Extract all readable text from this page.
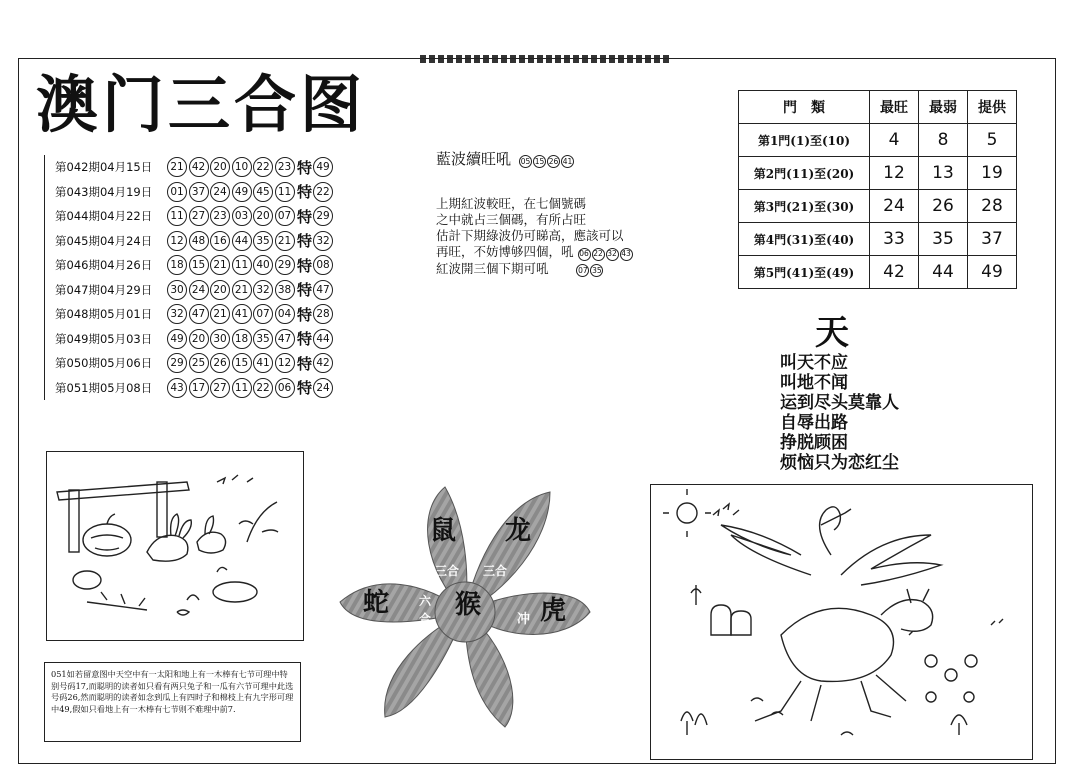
澳门三合图
第042期04月15日	21 42 20 10 22 23 特 49
第043期04月19日	01 37 24 49 45 11 特 22
第044期04月22日	11 27 23 03 20 07 特 29
第045期04月24日	12 48 16 44 35 21 特 32
第046期04月26日	18 15 21 11 40 29 特 08
第047期04月29日	30 24 20 21 32 38 特 47
第048期05月01日	32 47 21 41 07 04 特 28
第049期05月03日	49 20 30 18 35 47 特 44
第050期05月06日	29 25 26 15 41 12 特 42
第051期05月08日	43 17 27 11 22 06 特 24
藍波續旺吼 05 15 26 41
上期紅波較旺，在七個號碼
之中就占三個碼，有所占旺
估計下期綠波仍可睇高，應該可以
再旺，不妨博够四個，吼
06 22 32 43
紅波開三個下期可吼
	07 35
門　類	最旺	最弱	提供
第1門(1)至(10)	4	8	5
第2門(11)至(20)	12	13	19
第3門(21)至(30)	24	26	28
第4門(31)至(40)	33	35	37
第5門(41)至(49)	42	44	49
天
叫天不应
叫地不闻
运到尽头莫靠人
自辱出路
挣脱顾困
烦恼只为恋红尘
鼠 龙
蛇	猴 虎
三合 三合
六
合	冲
051如若留意图中天空中有一太阳和地上有一木棒有七节可理中特别号码17,而聪明的读者如只看有两只兔子和一瓜有六节可理中此选号码26,然而聪明的读者如念到瓜上有四时子和棉枝上有九字形可理中49,假如只看地上有一木棒有七节则不难理中前7.
